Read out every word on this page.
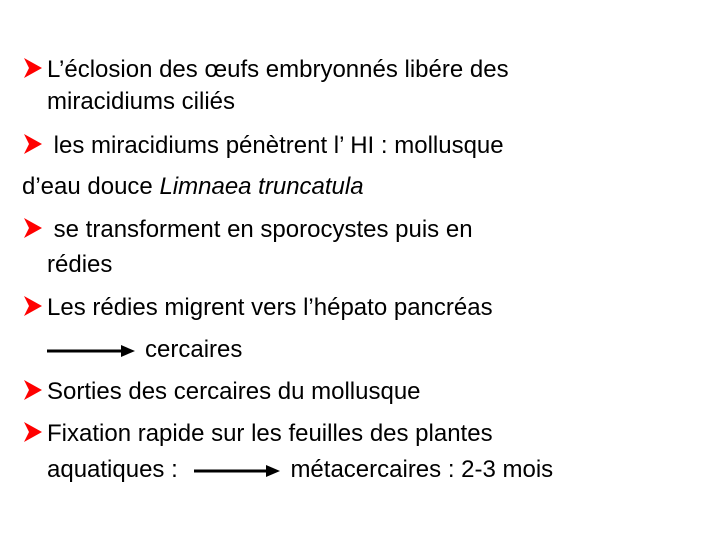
L’éclosion des œufs embryonnés libére des
miracidiums ciliés
les miracidiums pénètrent l’ HI : mollusque
d’eau douce Limnaea truncatula
se transforment en sporocystes puis en
rédies
Les rédies migrent vers l’hépato pancréas
cercaires
Sorties des cercaires du mollusque
Fixation rapide sur les feuilles des plantes
aquatiques :	métacercaires : 2-3 mois
